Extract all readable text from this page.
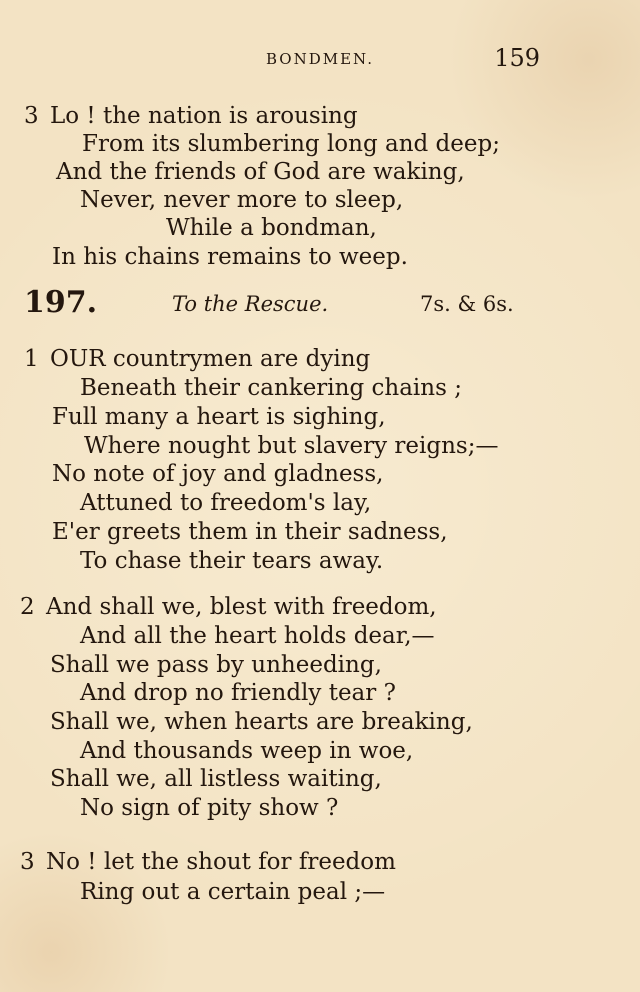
BONDMEN.	159

3 Lo ! the nation is arousing

From its slumbering long and deep;

And the friends of God are waking,

Never, never more to sleep,

While a bondman,

In his chains remains to weep.

197.	To the Rescue.	7s. & 6s.

1 OUR countrymen are dying

Beneath their cankering chains ;

Full many a heart is sighing,

Where nought but slavery reigns;—

No note of joy and gladness,

Attuned to freedom's lay,

E'er greets them in their sadness,

To chase their tears away.

2 And shall we, blest with freedom,

And all the heart holds dear,—

Shall we pass by unheeding,

And drop no friendly tear ?

Shall we, when hearts are breaking,

And thousands weep in woe,

Shall we, all listless waiting,

No sign of pity show ?

3 No ! let the shout for freedom

Ring out a certain peal ;—
